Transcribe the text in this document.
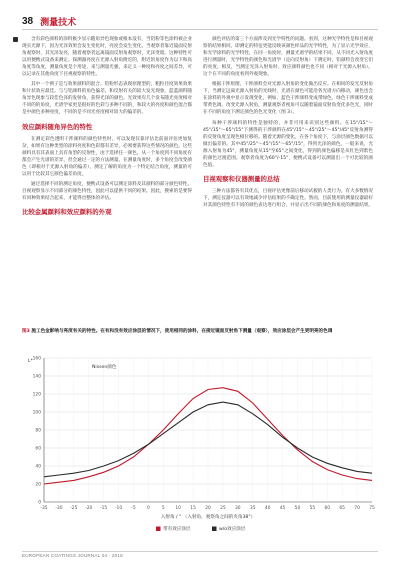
38 测量技术

含有彩色颜料的涂料极少显示随角异色现象或根本没有，当铝粉等色涂料被企业现实光源下，因为光泽效果会发生变化时，亮度会发生变化。当观察者靠近镜面反射角观察时，其光泽发亮，随着观察者远离镜面反射角观察时，光泽变暗。这种特性可以用便携式设备来测定。探测器亮度在光源入射角附近的，附近的角度作为以下和高角度等角度，测量角度是个用途，来与测量光强，来定义一种度和亮度之间差异，可以记录在其他角度下目视观察的特性。

其中一个例子是与效果颜料的混合。铝粉形态表现原理型的，粗粒径度效果效果和片状效应最佳。与与铝颜料的角色偏差，和反射有关的较大发光现象，蓝蓝颜料随角异色现象与较佳色泽的发射角，获得光泽的颜色。光效果有几个发布随光亮度相对不同的的角度，光谱学家更是很好的色彩与多种不同的，和较大的亮度和颜色混合都是中颜色多种亮度，不同的是不同光亮度相对较大的偏差的。

效应颜料随角异色的特性

在测定彩色透明干涉颜料的颜色特性时，可以发现仅靠评估比前面评估更加复杂，如果有这种类型的涂料亮度和色彩都有差异，必须要获得这些情况的颜色。这些颜料具有其表面上具有角型的反射性，由于选择任一颜色，从一个角度到不同角度有都会产生光谱的差异，但会通过一定的方法测量。在测量角度时，多个角度会改变颜色（即相对于光源入射角的偏差），测定了解的角度为一个特定结合角度，测量的可以用于比较其它颜色偏差角度。

通过选择不同的测定角度，便携式设备可以测定涂料及其颜料的部分颜色特性。目视观察显示不同部分的颜色特性，因此可以提供不同的结果。因此，搜索的是要得有同种效果结合起来，才能得出整体的评估。

比较金属颜料和效应颜料的外观

颜色评估的第三个方面涉及到光学特性的问题。看到，这种光学特性是和目视观察的结果相同，即测定的特征更能反映该颜色样品的光学特性，为了显示光学效应，和光学涂料的光学特性，在同一角度时，测量光谱学的结果不同，从不同光入射角度进行测量时，光学特性的颜色和光谱学（定向反射角）下测定时，铝颜料会改变它们的亮度，相反，当测定光泽入射角时，效应颜料颜色也不同（相对于光源入射角）。这个在不同的角度看到外观现象。

根据干涉原理，干涉颜料会对光源入射角的变化做出反应。在相同的发光反射角下，当测定远离光源入射角的光线时，光谱在颜色可能沿各光谱方向移动，颜色也会在涂料的外观中显示发现变化，例如，蓝色干涉颜料变成带绿色，绿色干涉颜料变成带黄色调。改变光源入射角，测量观察者视角可以随着镜面反射角变化多色光，同时在不同的角度下测定颜色的色光变化（图 3）。

每种干涉颜料的特性是独特的，并非可用来识别这些颜料。在15°/15°～45°/15°～65°/15°下测得的干涉颜料在45°/15°～45°/25°～45°/45°反射角测得的反射角度呈现色相位移的。随着光源的变化，在各个角度下，与涂层颜色数据可以做出偏差的。其中45°/25°～45°/15°～65°/15°，得到光泽的颜色，一般来说，光源入射角为45°，测量角度从15°至65°之间变化，得到的颜色偏移是从红色到紫色的颜色过渡范围。观察者角度为60°/-15°，便携式设备可以测量出一个可比较的颜色值。

目视观察和仪器测量的总结

三种方法都各有其优点，目视评估更像前后移动试板的人类行为，有大多数情况下，测定仪器可以有效地减少评估结果的不确定性。然而，目前使用的测量仪器最好对其颜色特性有不同的颜色表达进行组合，并显示出不同的颜色和角度的测量结果。

图3 施工色金影响与亮度有关的特性。在有和没有效应涂层的情况下，使用相同的涂料，在接近镜面反射角下测量（观察），效应涂层会产生更明亮的色调

0
20
40
60
80
100
120
140
160
-35 -30 -25 -20 -15 -10 -5	0	5 10 15 20 25 30 35 40 45 50 55 60 65 70 75
L*
Nissen颜色
入射角 / ° （入射角，观察角之间的夹角38°）
带有效应涂层	w/o效应涂层
EUROPEAN COATINGS JOURNAL 04 · 2018
